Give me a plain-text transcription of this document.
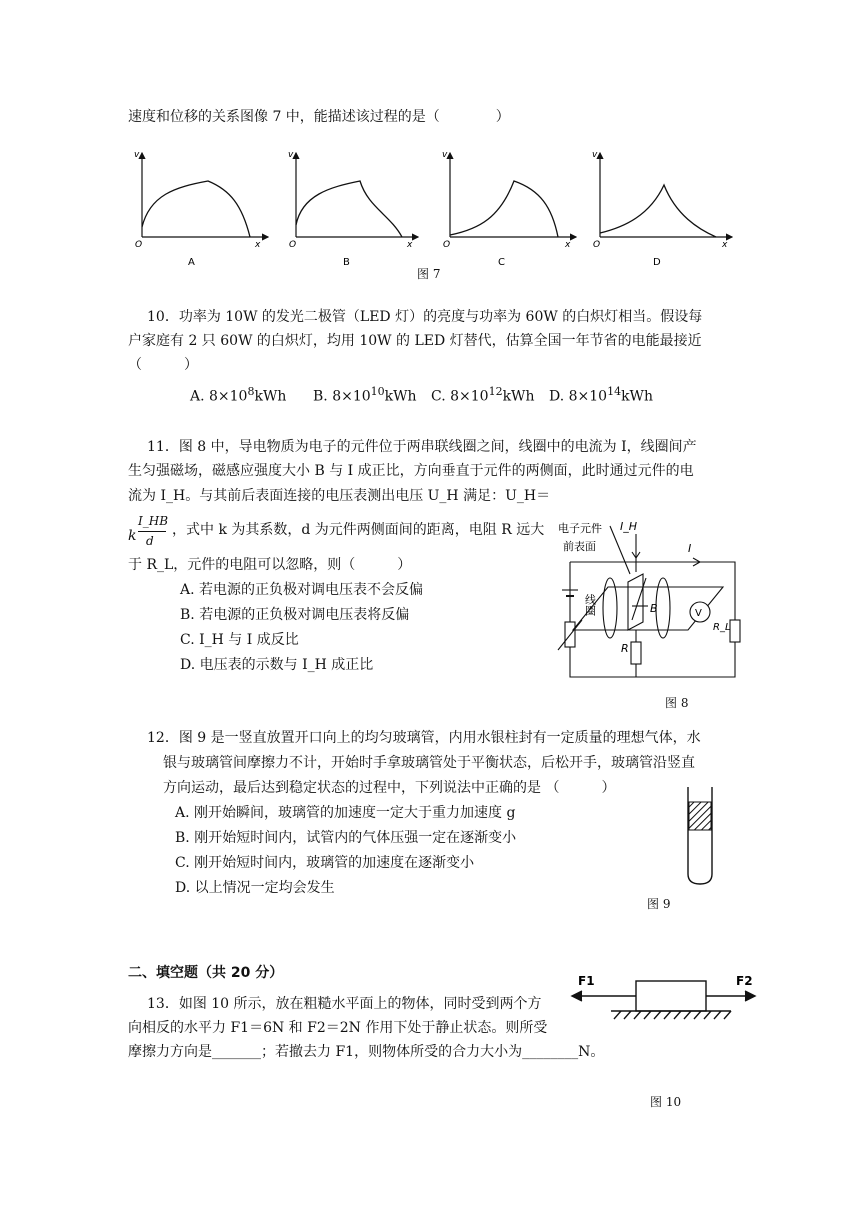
速度和位移的关系图像 7 中，能描述该过程的是（　　　　）
v
O	x
A
v
O	x
B
v
O	x
C
v
O	x
D
图 7
10．功率为 10W 的发光二极管（LED 灯）的亮度与功率为 60W 的白炽灯相当。假设每
户家庭有 2 只 60W 的白炽灯，均用 10W 的 LED 灯替代，估算全国一年节省的电能最接近
（　　　）
A. $8\times 10^8kWh$ B. $8\times 10^{10}kWh$ C. $8\times 10^{12}kWh$ D. $8\times 10^{14}kWh$
11．图 8 中，导电物质为电子的元件位于两串联线圈之间，线圈中的电流为 I，线圈间产
生匀强磁场，磁感应强度大小 B 与 I 成正比，方向垂直于元件的两侧面，此时通过元件的电
流为 I_H。与其前后表面连接的电压表测出电压 U_H 满足：U_H＝
k
I_HB
d
，式中 k 为其系数，d 为元件两侧面间的距离，电阻 R 远大
于 R_L，元件的电阻可以忽略，则（　　　）
A. 若电源的正负极对调电压表不会反偏
B. 若电源的正负极对调电压表将反偏
C. I_H 与 I 成反比
D. 电压表的示数与 I_H 成正比
电子元件
前表面
I_H
I
线圈	B	V
R_L
R
图 8
12．图 9 是一竖直放置开口向上的均匀玻璃管，内用水银柱封有一定质量的理想气体，水
银与玻璃管间摩擦力不计，开始时手拿玻璃管处于平衡状态，后松开手，玻璃管沿竖直
方向运动，最后达到稳定状态的过程中，下列说法中正确的是 （　　　）
A. 刚开始瞬间，玻璃管的加速度一定大于重力加速度 g
B. 刚开始短时间内，试管内的气体压强一定在逐渐变小
C. 刚开始短时间内，玻璃管的加速度在逐渐变小
D. 以上情况一定均会发生
图 9
二、填空题（共 20 分）
13．如图 10 所示，放在粗糙水平面上的物体，同时受到两个方
向相反的水平力 F1＝6N 和 F2＝2N 作用下处于静止状态。则所受
摩擦力方向是_______；若撤去力 F1，则物体所受的合力大小为________N。
F1	F2
图 10
